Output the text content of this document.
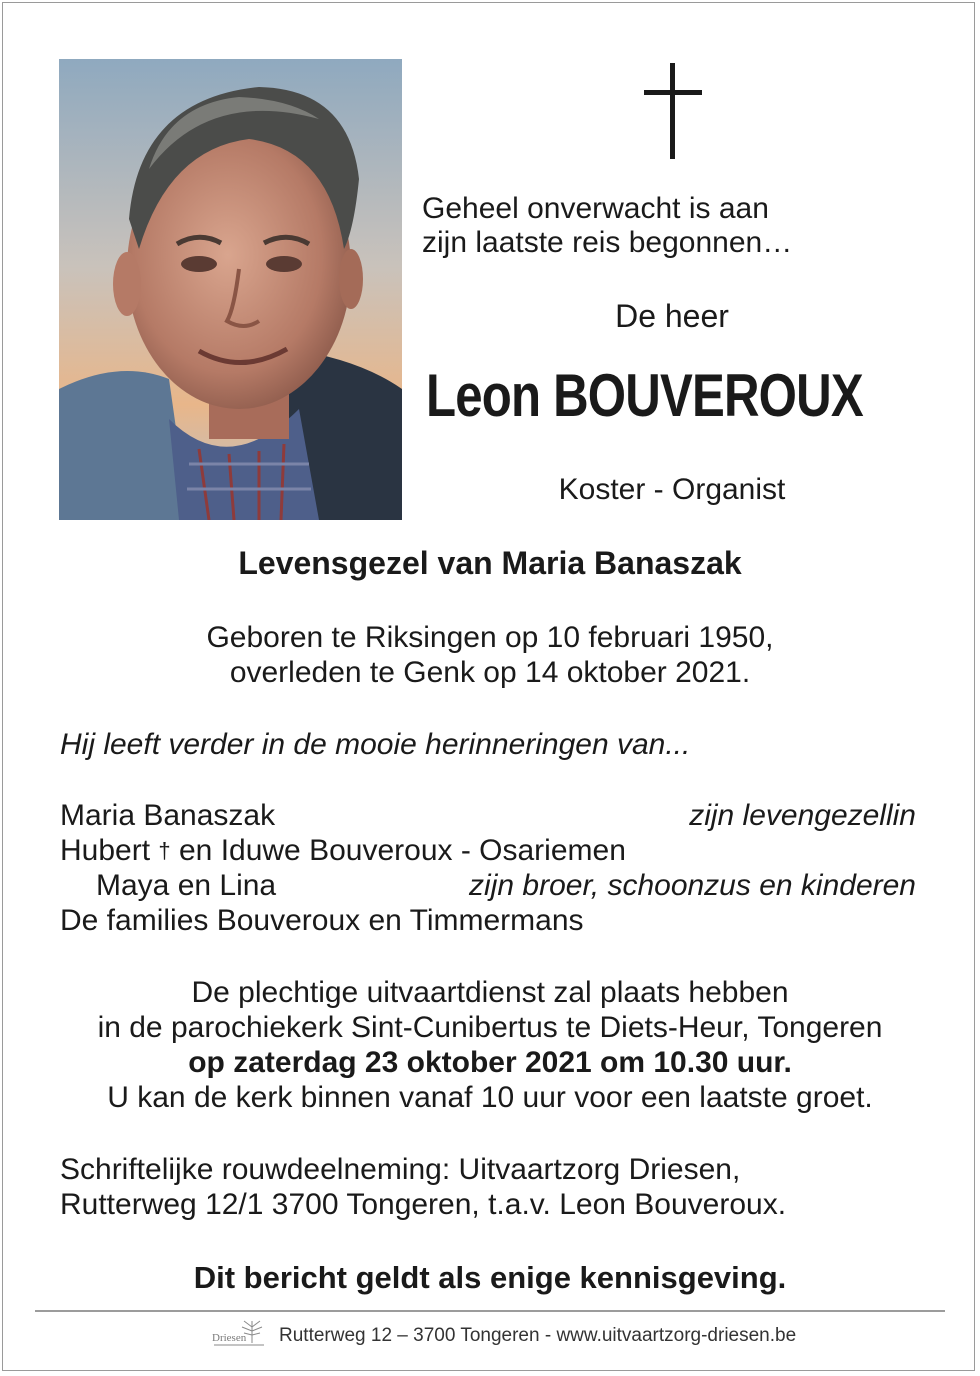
Geheel onverwacht is aan
zijn laatste reis begonnen…
De heer
Leon BOUVEROUX
Koster - Organist
Levensgezel van Maria Banaszak
Geboren te Riksingen op 10 februari 1950,
overleden te Genk op 14 oktober 2021.
Hij leeft verder in de mooie herinneringen van...
Maria Banaszak	zijn levengezellin
Hubert † en Iduwe Bouveroux - Osariemen
Maya en Lina	zijn broer, schoonzus en kinderen
De families Bouveroux en Timmermans
De plechtige uitvaartdienst zal plaats hebben
in de parochiekerk Sint-Cunibertus te Diets-Heur, Tongeren
op zaterdag 23 oktober 2021 om 10.30 uur.
U kan de kerk binnen vanaf 10 uur voor een laatste groet.
Schriftelijke rouwdeelneming: Uitvaartzorg Driesen,
Rutterweg 12/1 3700 Tongeren, t.a.v. Leon Bouveroux.
Dit bericht geldt als enige kennisgeving.
Driesen Rutterweg 12 – 3700 Tongeren - www.uitvaartzorg-driesen.be
